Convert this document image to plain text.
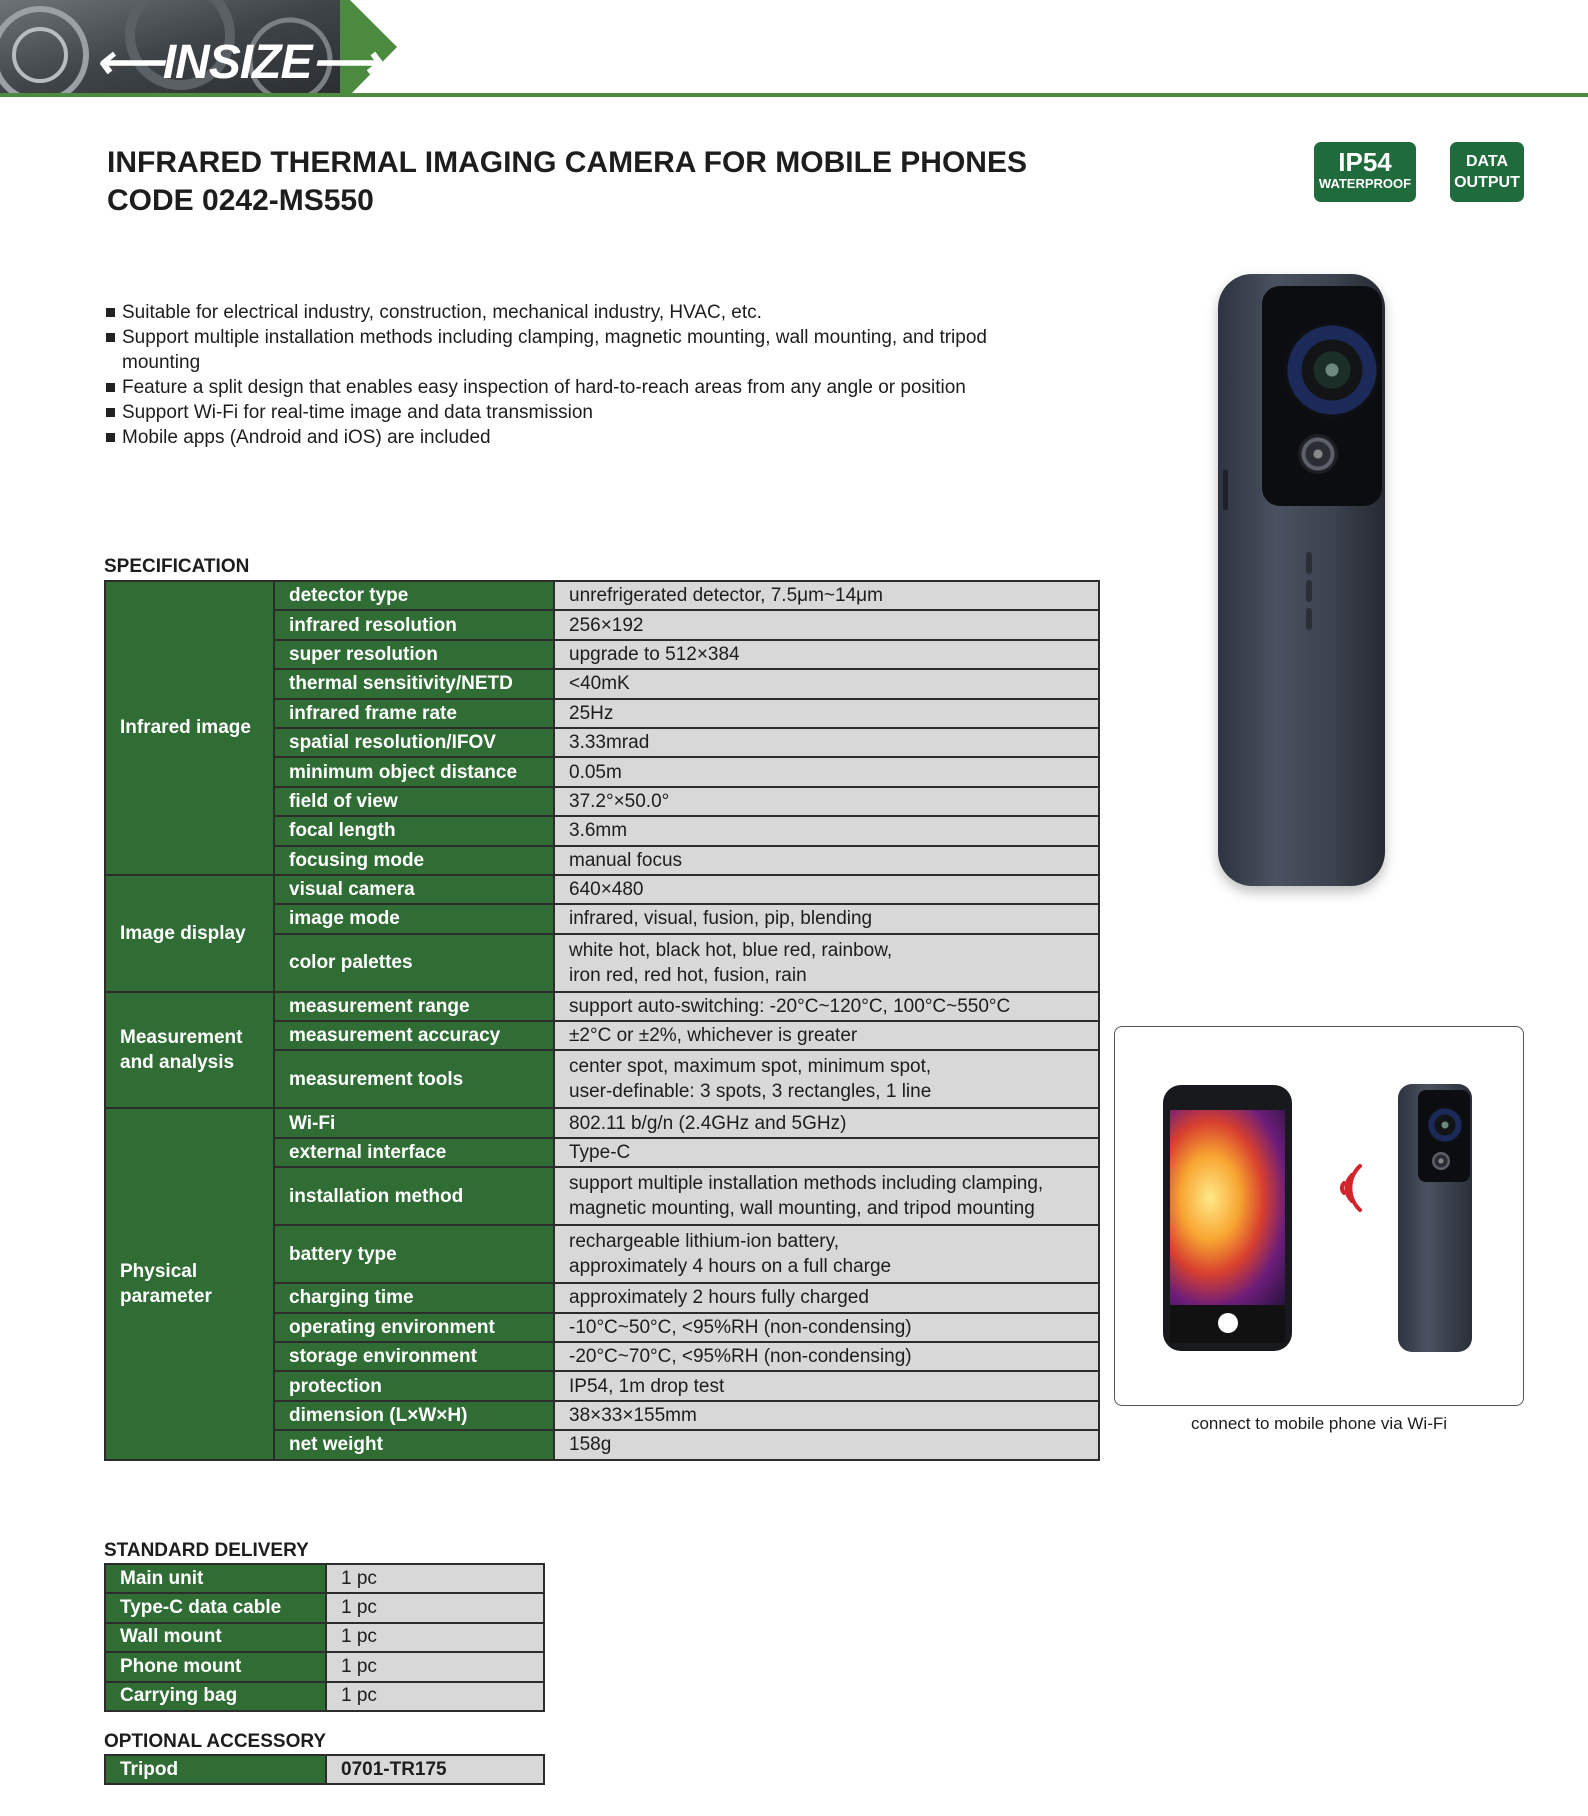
⟵INSIZE⟶
INFRARED THERMAL IMAGING CAMERA FOR MOBILE PHONES
CODE 0242-MS550
IP54
WATERPROOF
DATA
OUTPUT
Suitable for electrical industry, construction, mechanical industry, HVAC, etc.
Support multiple installation methods including clamping, magnetic mounting, wall mounting, and tripod mounting
Feature a split design that enables easy inspection of hard-to-reach areas from any angle or position
Support Wi-Fi for real-time image and data transmission
Mobile apps (Android and iOS) are included
SPECIFICATION
Infrared image	detector type	unrefrigerated detector, 7.5μm~14μm
	infrared resolution	256×192
	super resolution	upgrade to 512×384
	thermal sensitivity/NETD	<40mK
	infrared frame rate	25Hz
	spatial resolution/IFOV	3.33mrad
	minimum object distance	0.05m
	field of view	37.2°×50.0°
	focal length	3.6mm
	focusing mode	manual focus
Image display	visual camera	640×480
	image mode	infrared, visual, fusion, pip, blending
	color palettes	white hot, black hot, blue red, rainbow,
iron red, red hot, fusion, rain

Measurement
and analysis	measurement range	support auto-switching: -20°C~120°C, 100°C~550°C
	measurement accuracy	±2°C or ±2%, whichever is greater
	measurement tools	center spot, maximum spot, minimum spot,
user-definable: 3 spots, 3 rectangles, 1 line

Physical
parameter	Wi-Fi	802.11 b/g/n (2.4GHz and 5GHz)
	external interface	Type-C
	installation method	support multiple installation methods including clamping,
magnetic mounting, wall mounting, and tripod mounting

	battery type	rechargeable lithium-ion battery,
approximately 4 hours on a full charge

	charging time	approximately 2 hours fully charged
	operating environment	-10°C~50°C, <95%RH (non-condensing)
	storage environment	-20°C~70°C, <95%RH (non-condensing)
	protection	IP54, 1m drop test
	dimension (L×W×H)	38×33×155mm
	net weight	158g
STANDARD DELIVERY
Main unit	1 pc
Type-C data cable	1 pc
Wall mount	1 pc
Phone mount	1 pc
Carrying bag	1 pc
OPTIONAL ACCESSORY
Tripod	0701-TR175
connect to mobile phone via Wi-Fi
